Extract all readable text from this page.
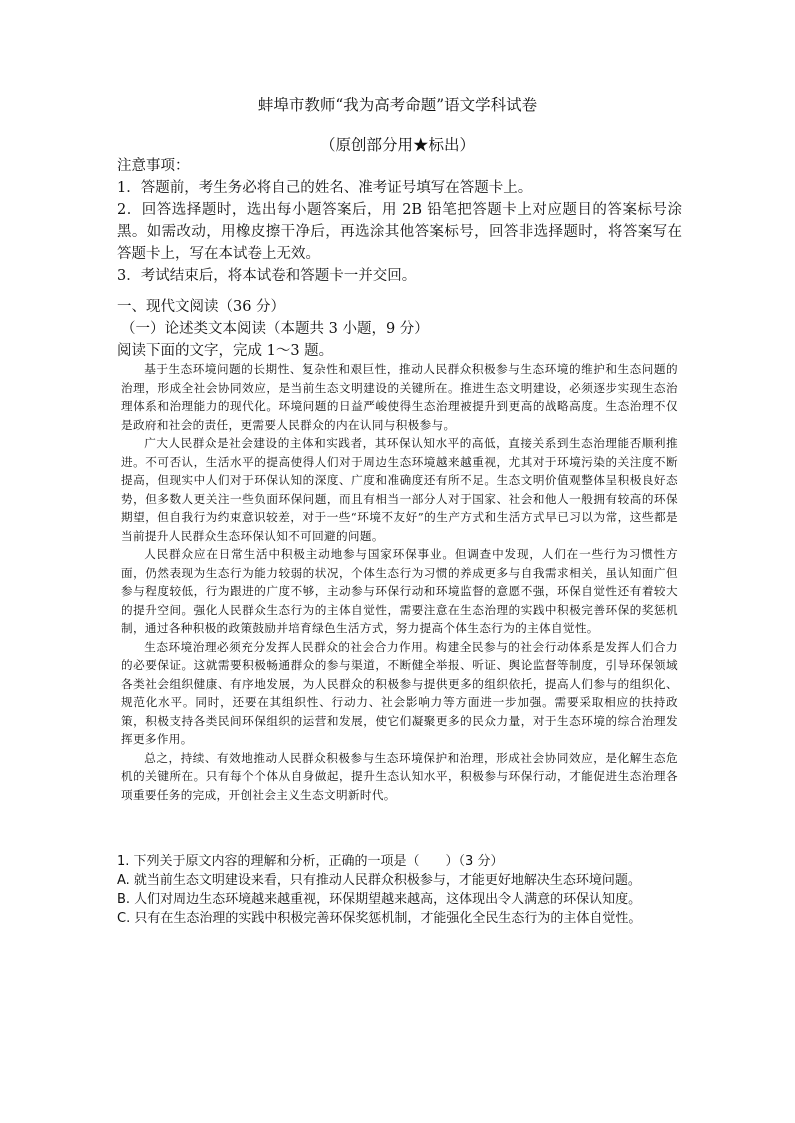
蚌埠市教师“我为高考命题”语文学科试卷
（原创部分用★标出）

注意事项：

1．答题前，考生务必将自己的姓名、准考证号填写在答题卡上。

2．回答选择题时，选出每小题答案后，用 2B 铅笔把答题卡上对应题目的答案标号涂黑。如需改动，用橡皮擦干净后，再选涂其他答案标号，回答非选择题时，将答案写在答题卡上，写在本试卷上无效。

3．考试结束后，将本试卷和答题卡一并交回。

一、现代文阅读（36 分）
（一）论述类文本阅读（本题共 3 小题，9 分）
阅读下面的文字，完成 1～3 题。

基于生态环境问题的长期性、复杂性和艰巨性，推动人民群众积极参与生态环境的维护和生态问题的治理，形成全社会协同效应，是当前生态文明建设的关键所在。推进生态文明建设，必须逐步实现生态治理体系和治理能力的现代化。环境问题的日益严峻使得生态治理被提升到更高的战略高度。生态治理不仅是政府和社会的责任，更需要人民群众的内在认同与积极参与。

广大人民群众是社会建设的主体和实践者，其环保认知水平的高低，直接关系到生态治理能否顺利推进。不可否认，生活水平的提高使得人们对于周边生态环境越来越重视，尤其对于环境污染的关注度不断提高，但现实中人们对于环保认知的深度、广度和准确度还有所不足。生态文明价值观整体呈积极良好态势，但多数人更关注一些负面环保问题，而且有相当一部分人对于国家、社会和他人一般拥有较高的环保期望，但自我行为约束意识较差，对于一些“环境不友好”的生产方式和生活方式早已习以为常，这些都是当前提升人民群众生态环保认知不可回避的问题。

人民群众应在日常生活中积极主动地参与国家环保事业。但调查中发现，人们在一些行为习惯性方面，仍然表现为生态行为能力较弱的状况，个体生态行为习惯的养成更多与自我需求相关，虽认知面广但参与程度较低，行为跟进的广度不够，主动参与环保行动和环境监督的意愿不强，环保自觉性还有着较大的提升空间。强化人民群众生态行为的主体自觉性，需要注意在生态治理的实践中积极完善环保的奖惩机制，通过各种积极的政策鼓励并培育绿色生活方式，努力提高个体生态行为的主体自觉性。

生态环境治理必须充分发挥人民群众的社会合力作用。构建全民参与的社会行动体系是发挥人们合力的必要保证。这就需要积极畅通群众的参与渠道，不断健全举报、听证、舆论监督等制度，引导环保领域各类社会组织健康、有序地发展，为人民群众的积极参与提供更多的组织依托，提高人们参与的组织化、规范化水平。同时，还要在其组织性、行动力、社会影响力等方面进一步加强。需要采取相应的扶持政策，积极支持各类民间环保组织的运营和发展，使它们凝聚更多的民众力量，对于生态环境的综合治理发挥更多作用。

总之，持续、有效地推动人民群众积极参与生态环境保护和治理，形成社会协同效应，是化解生态危机的关键所在。只有每个个体从自身做起，提升生态认知水平，积极参与环保行动，才能促进生态治理各项重要任务的完成，开创社会主义生态文明新时代。

1. 下列关于原文内容的理解和分析，正确的一项是（　　）（3 分）

A. 就当前生态文明建设来看，只有推动人民群众积极参与，才能更好地解决生态环境问题。

B. 人们对周边生态环境越来越重视，环保期望越来越高，这体现出令人满意的环保认知度。

C. 只有在生态治理的实践中积极完善环保奖惩机制，才能强化全民生态行为的主体自觉性。
